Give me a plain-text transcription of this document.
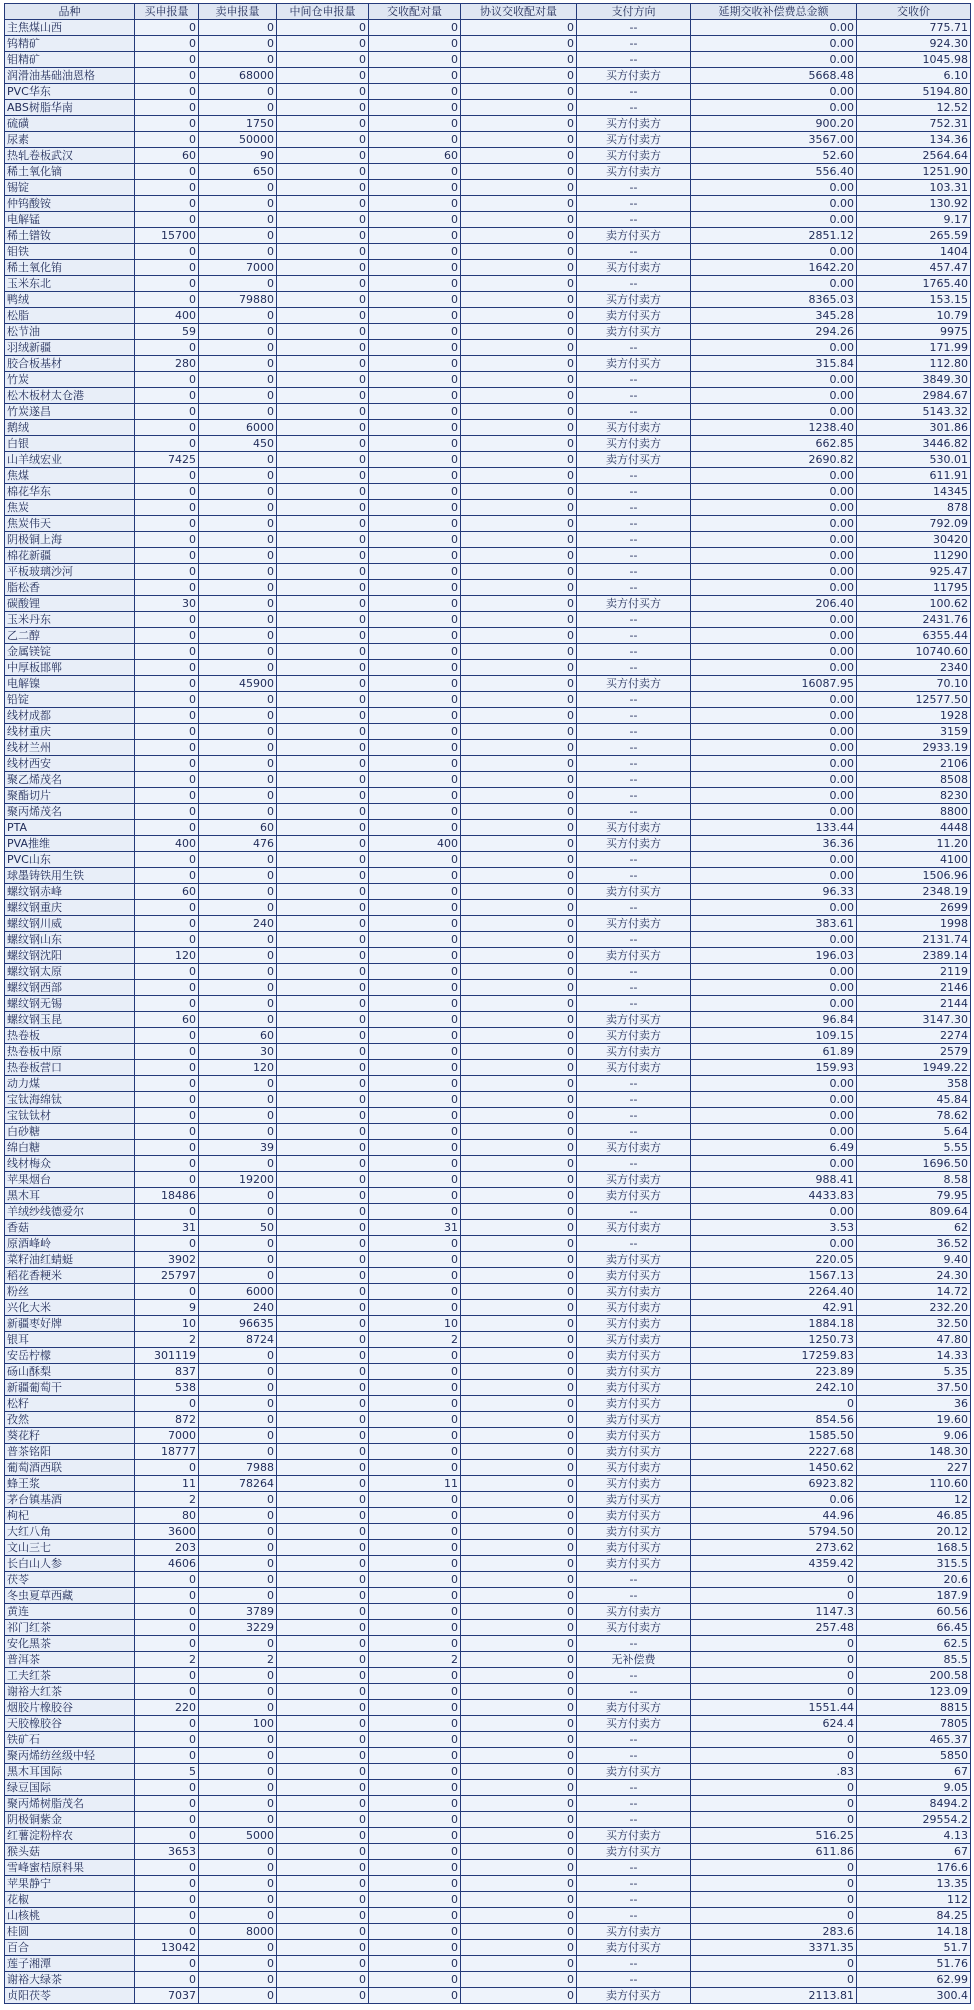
品种	买申报量	卖申报量	中间仓申报量	交收配对量	协议交收配对量	支付方向	延期交收补偿费总金额	交收价
主焦煤山西	0	0	0	0	0	--	0.00	775.71
钨精矿	0	0	0	0	0	--	0.00	924.30
钼精矿	0	0	0	0	0	--	0.00	1045.98
润滑油基础油恩格	0	68000	0	0	0	买方付卖方	5668.48	6.10
PVC华东	0	0	0	0	0	--	0.00	5194.80
ABS树脂华南	0	0	0	0	0	--	0.00	12.52
硫磺	0	1750	0	0	0	买方付卖方	900.20	752.31
尿素	0	50000	0	0	0	买方付卖方	3567.00	134.36
热轧卷板武汉	60	90	0	60	0	买方付卖方	52.60	2564.64
稀土氧化镝	0	650	0	0	0	买方付卖方	556.40	1251.90
锡锭	0	0	0	0	0	--	0.00	103.31
仲钨酸铵	0	0	0	0	0	--	0.00	130.92
电解锰	0	0	0	0	0	--	0.00	9.17
稀土镨钕	15700	0	0	0	0	卖方付买方	2851.12	265.59
钼铁	0	0	0	0	0	--	0.00	1404
稀土氧化铕	0	7000	0	0	0	买方付卖方	1642.20	457.47
玉米东北	0	0	0	0	0	--	0.00	1765.40
鸭绒	0	79880	0	0	0	买方付卖方	8365.03	153.15
松脂	400	0	0	0	0	卖方付买方	345.28	10.79
松节油	59	0	0	0	0	卖方付买方	294.26	9975
羽绒新疆	0	0	0	0	0	--	0.00	171.99
胶合板基材	280	0	0	0	0	卖方付买方	315.84	112.80
竹炭	0	0	0	0	0	--	0.00	3849.30
松木板材太仓港	0	0	0	0	0	--	0.00	2984.67
竹炭遂昌	0	0	0	0	0	--	0.00	5143.32
鹅绒	0	6000	0	0	0	买方付卖方	1238.40	301.86
白银	0	450	0	0	0	买方付卖方	662.85	3446.82
山羊绒宏业	7425	0	0	0	0	卖方付买方	2690.82	530.01
焦煤	0	0	0	0	0	--	0.00	611.91
棉花华东	0	0	0	0	0	--	0.00	14345
焦炭	0	0	0	0	0	--	0.00	878
焦炭伟天	0	0	0	0	0	--	0.00	792.09
阴极铜上海	0	0	0	0	0	--	0.00	30420
棉花新疆	0	0	0	0	0	--	0.00	11290
平板玻璃沙河	0	0	0	0	0	--	0.00	925.47
脂松香	0	0	0	0	0	--	0.00	11795
碳酸锂	30	0	0	0	0	卖方付买方	206.40	100.62
玉米丹东	0	0	0	0	0	--	0.00	2431.76
乙二醇	0	0	0	0	0	--	0.00	6355.44
金属镁锭	0	0	0	0	0	--	0.00	10740.60
中厚板邯郸	0	0	0	0	0	--	0.00	2340
电解镍	0	45900	0	0	0	买方付卖方	16087.95	70.10
铅锭	0	0	0	0	0	--	0.00	12577.50
线材成都	0	0	0	0	0	--	0.00	1928
线材重庆	0	0	0	0	0	--	0.00	3159
线材兰州	0	0	0	0	0	--	0.00	2933.19
线材西安	0	0	0	0	0	--	0.00	2106
聚乙烯茂名	0	0	0	0	0	--	0.00	8508
聚酯切片	0	0	0	0	0	--	0.00	8230
聚丙烯茂名	0	0	0	0	0	--	0.00	8800
PTA	0	60	0	0	0	买方付卖方	133.44	4448
PVA推维	400	476	0	400	0	买方付卖方	36.36	11.20
PVC山东	0	0	0	0	0	--	0.00	4100
球墨铸铁用生铁	0	0	0	0	0	--	0.00	1506.96
螺纹钢赤峰	60	0	0	0	0	卖方付买方	96.33	2348.19
螺纹钢重庆	0	0	0	0	0	--	0.00	2699
螺纹钢川威	0	240	0	0	0	买方付卖方	383.61	1998
螺纹钢山东	0	0	0	0	0	--	0.00	2131.74
螺纹钢沈阳	120	0	0	0	0	卖方付买方	196.03	2389.14
螺纹钢太原	0	0	0	0	0	--	0.00	2119
螺纹钢西部	0	0	0	0	0	--	0.00	2146
螺纹钢无锡	0	0	0	0	0	--	0.00	2144
螺纹钢玉昆	60	0	0	0	0	卖方付买方	96.84	3147.30
热卷板	0	60	0	0	0	买方付卖方	109.15	2274
热卷板中原	0	30	0	0	0	买方付卖方	61.89	2579
热卷板营口	0	120	0	0	0	买方付卖方	159.93	1949.22
动力煤	0	0	0	0	0	--	0.00	358
宝钛海绵钛	0	0	0	0	0	--	0.00	45.84
宝钛钛材	0	0	0	0	0	--	0.00	78.62
白砂糖	0	0	0	0	0	--	0.00	5.64
绵白糖	0	39	0	0	0	买方付卖方	6.49	5.55
线材梅众	0	0	0	0	0	--	0.00	1696.50
苹果烟台	0	19200	0	0	0	买方付卖方	988.41	8.58
黑木耳	18486	0	0	0	0	卖方付买方	4433.83	79.95
羊绒纱线德爱尔	0	0	0	0	0	--	0.00	809.64
香菇	31	50	0	31	0	买方付卖方	3.53	62
原酒峰岭	0	0	0	0	0	--	0.00	36.52
菜籽油红蜻蜓	3902	0	0	0	0	卖方付买方	220.05	9.40
稻花香粳米	25797	0	0	0	0	卖方付买方	1567.13	24.30
粉丝	0	6000	0	0	0	买方付卖方	2264.40	14.72
兴化大米	9	240	0	0	0	买方付卖方	42.91	232.20
新疆枣好牌	10	96635	0	10	0	买方付卖方	1884.18	32.50
银耳	2	8724	0	2	0	买方付卖方	1250.73	47.80
安岳柠檬	301119	0	0	0	0	卖方付买方	17259.83	14.33
砀山酥梨	837	0	0	0	0	卖方付买方	223.89	5.35
新疆葡萄干	538	0	0	0	0	卖方付买方	242.10	37.50
松籽	0	0	0	0	0	卖方付买方	0	36
孜然	872	0	0	0	0	卖方付买方	854.56	19.60
葵花籽	7000	0	0	0	0	卖方付买方	1585.50	9.06
普茶铭阳	18777	0	0	0	0	卖方付买方	2227.68	148.30
葡萄酒西联	0	7988	0	0	0	买方付卖方	1450.62	227
蜂王浆	11	78264	0	11	0	买方付卖方	6923.82	110.60
茅台镇基酒	2	0	0	0	0	卖方付买方	0.06	12
枸杞	80	0	0	0	0	卖方付买方	44.96	46.85
大红八角	3600	0	0	0	0	卖方付买方	5794.50	20.12
文山三七	203	0	0	0	0	卖方付买方	273.62	168.5
长白山人参	4606	0	0	0	0	卖方付买方	4359.42	315.5
茯苓	0	0	0	0	0	--	0	20.6
冬虫夏草西藏	0	0	0	0	0	--	0	187.9
黄连	0	3789	0	0	0	买方付卖方	1147.3	60.56
祁门红茶	0	3229	0	0	0	买方付卖方	257.48	66.45
安化黑茶	0	0	0	0	0	--	0	62.5
普洱茶	2	2	0	2	0	无补偿费	0	85.5
工夫红茶	0	0	0	0	0	--	0	200.58
谢裕大红茶	0	0	0	0	0	--	0	123.09
烟胶片橡胶谷	220	0	0	0	0	卖方付买方	1551.44	8815
天胶橡胶谷	0	100	0	0	0	买方付卖方	624.4	7805
铁矿石	0	0	0	0	0	--	0	465.37
聚丙烯纺丝级中轻	0	0	0	0	0	--	0	5850
黑木耳国际	5	0	0	0	0	卖方付买方	.83	67
绿豆国际	0	0	0	0	0	--	0	9.05
聚丙烯树脂茂名	0	0	0	0	0	--	0	8494.2
阴极铜紫金	0	0	0	0	0	--	0	29554.2
红薯淀粉梓农	0	5000	0	0	0	买方付卖方	516.25	4.13
猴头菇	3653	0	0	0	0	卖方付买方	611.86	67
雪峰蜜桔原料果	0	0	0	0	0	--	0	176.6
苹果静宁	0	0	0	0	0	--	0	13.35
花椒	0	0	0	0	0	--	0	112
山核桃	0	0	0	0	0	--	0	84.25
桂圆	0	8000	0	0	0	买方付卖方	283.6	14.18
百合	13042	0	0	0	0	卖方付买方	3371.35	51.7
莲子湘潭	0	0	0	0	0	--	0	51.76
谢裕大绿茶	0	0	0	0	0	--	0	62.99
贞阳茯苓	7037	0	0	0	0	卖方付买方	2113.81	300.4
